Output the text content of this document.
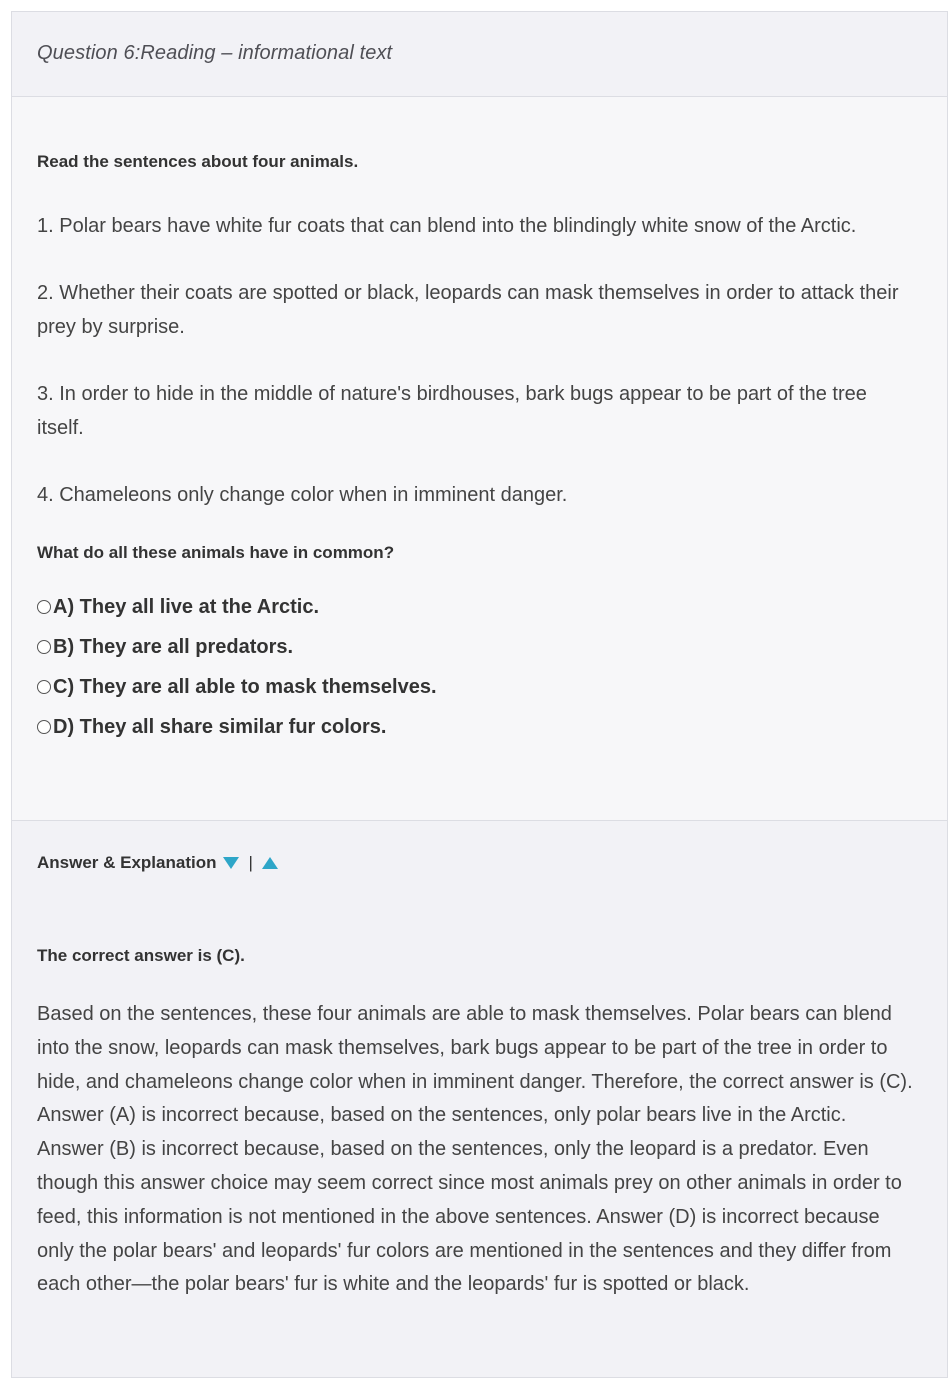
Question 6:Reading – informational text
Read the sentences about four animals.

1. Polar bears have white fur coats that can blend into the blindingly white snow of the Arctic.

2. Whether their coats are spotted or black, leopards can mask themselves in order to attack their prey by surprise.

3. In order to hide in the middle of nature's birdhouses, bark bugs appear to be part of the tree itself.

4. Chameleons only change color when in imminent danger.

What do all these animals have in common?
A) They all live at the Arctic.
B) They are all predators.
C) They are all able to mask themselves.
D) They all share similar fur colors.
Answer & Explanation |
The correct answer is (C).

Based on the sentences, these four animals are able to mask themselves. Polar bears can blend into the snow, leopards can mask themselves, bark bugs appear to be part of the tree in order to hide, and chameleons change color when in imminent danger. Therefore, the correct answer is (C). Answer (A) is incorrect because, based on the sentences, only polar bears live in the Arctic. Answer (B) is incorrect because, based on the sentences, only the leopard is a predator. Even though this answer choice may seem correct since most animals prey on other animals in order to feed, this information is not mentioned in the above sentences. Answer (D) is incorrect because only the polar bears' and leopards' fur colors are mentioned in the sentences and they differ from each other—the polar bears' fur is white and the leopards' fur is spotted or black.
